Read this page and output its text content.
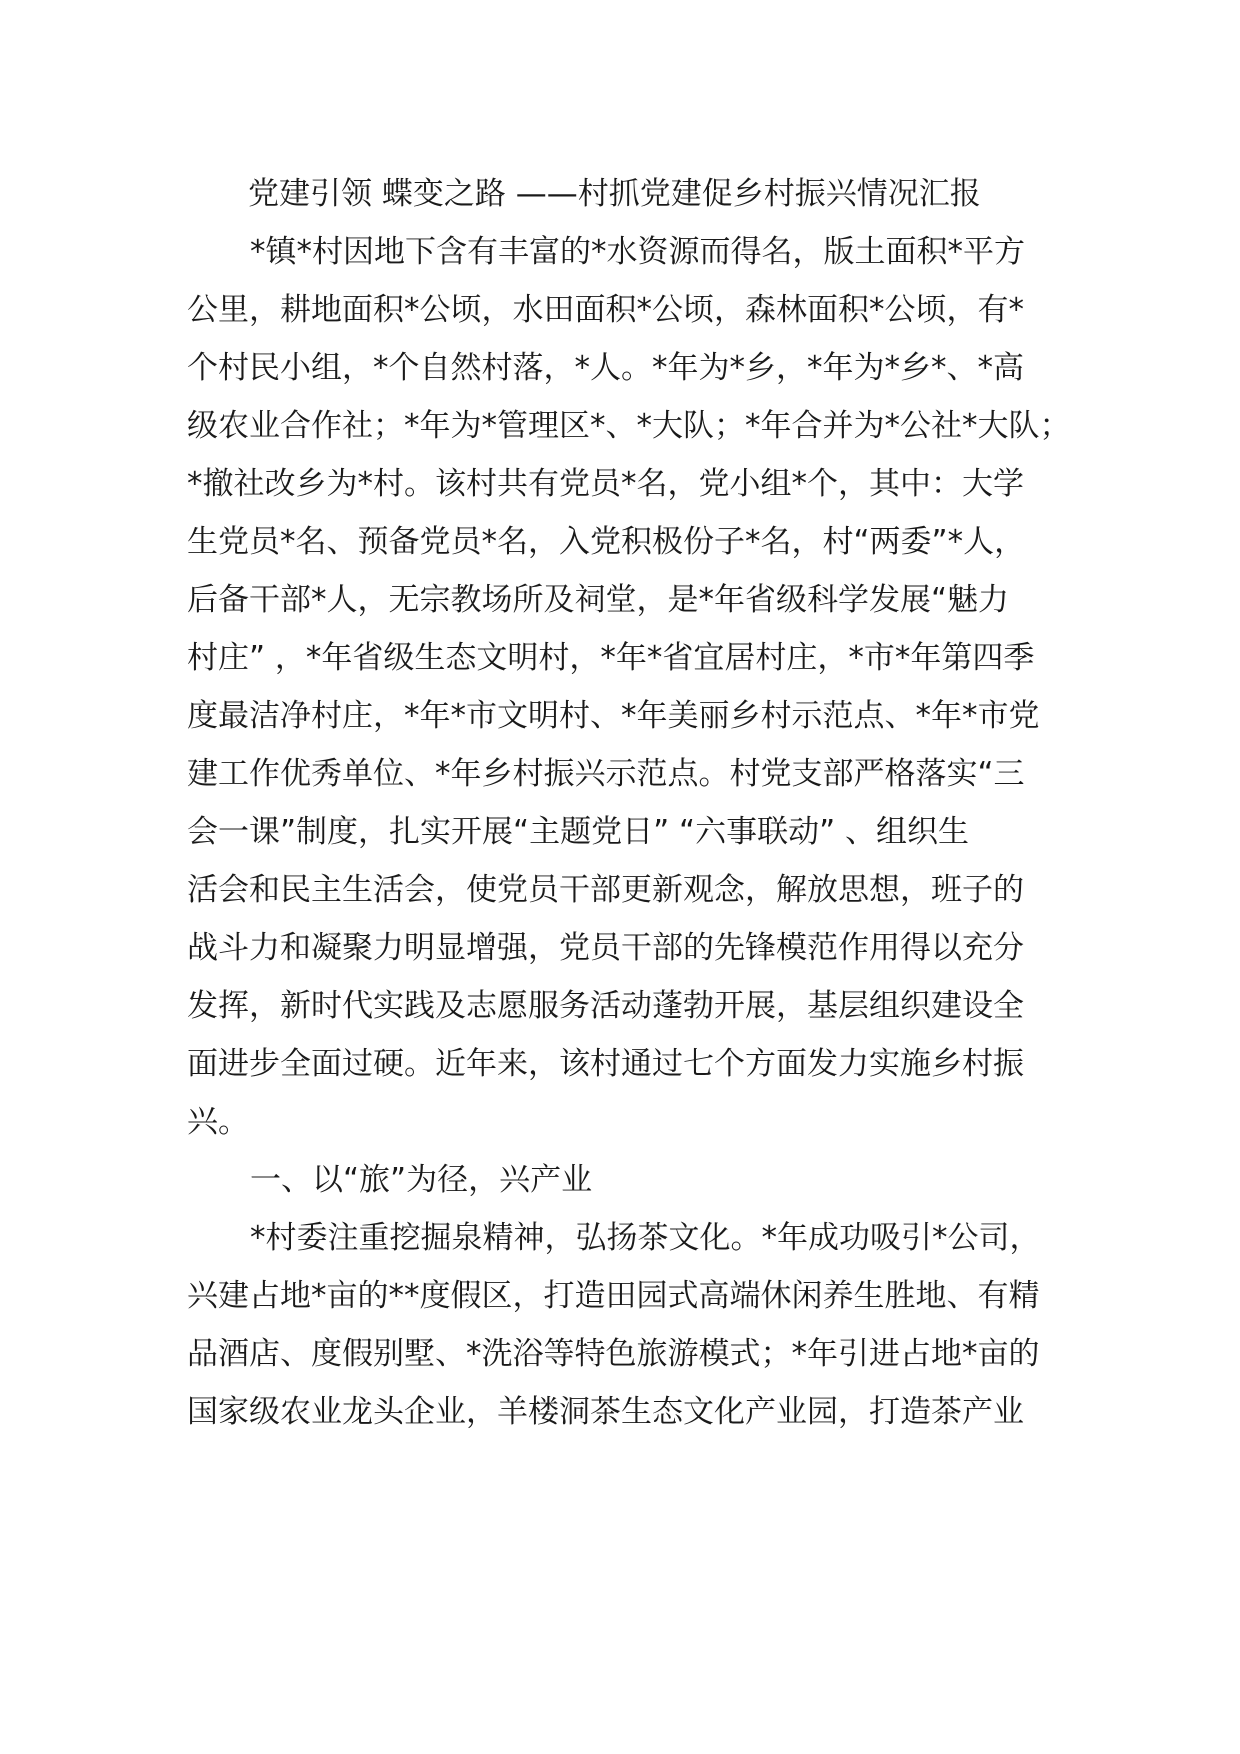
党建引领 蝶变之路 ——村抓党建促乡村振兴情况汇报
*镇*村因地下含有丰富的*水资源而得名，版土面积*平方
公里，耕地面积*公顷，水田面积*公顷，森林面积*公顷，有*
个村民小组，*个自然村落，*人。*年为*乡，*年为*乡*、*高
级农业合作社；*年为*管理区*、*大队；*年合并为*公社*大队；
*撤社改乡为*村。该村共有党员*名，党小组*个，其中：大学
生党员*名、预备党员*名，入党积极份子*名，村“两委”*人，
后备干部*人，无宗教场所及祠堂，是*年省级科学发展“魅力
村庄” ，*年省级生态文明村，*年*省宜居村庄，*市*年第四季
度最洁净村庄，*年*市文明村、*年美丽乡村示范点、*年*市党
建工作优秀单位、*年乡村振兴示范点。村党支部严格落实“三
会一课”制度，扎实开展“主题党日” “六事联动” 、组织生
活会和民主生活会，使党员干部更新观念，解放思想，班子的
战斗力和凝聚力明显增强，党员干部的先锋模范作用得以充分
发挥，新时代实践及志愿服务活动蓬勃开展，基层组织建设全
面进步全面过硬。近年来，该村通过七个方面发力实施乡村振
兴。
一、以“旅”为径，兴产业
*村委注重挖掘泉精神，弘扬茶文化。*年成功吸引*公司，
兴建占地*亩的**度假区，打造田园式高端休闲养生胜地、有精
品酒店、度假别墅、*洗浴等特色旅游模式；*年引进占地*亩的
国家级农业龙头企业，羊楼洞茶生态文化产业园，打造茶产业
